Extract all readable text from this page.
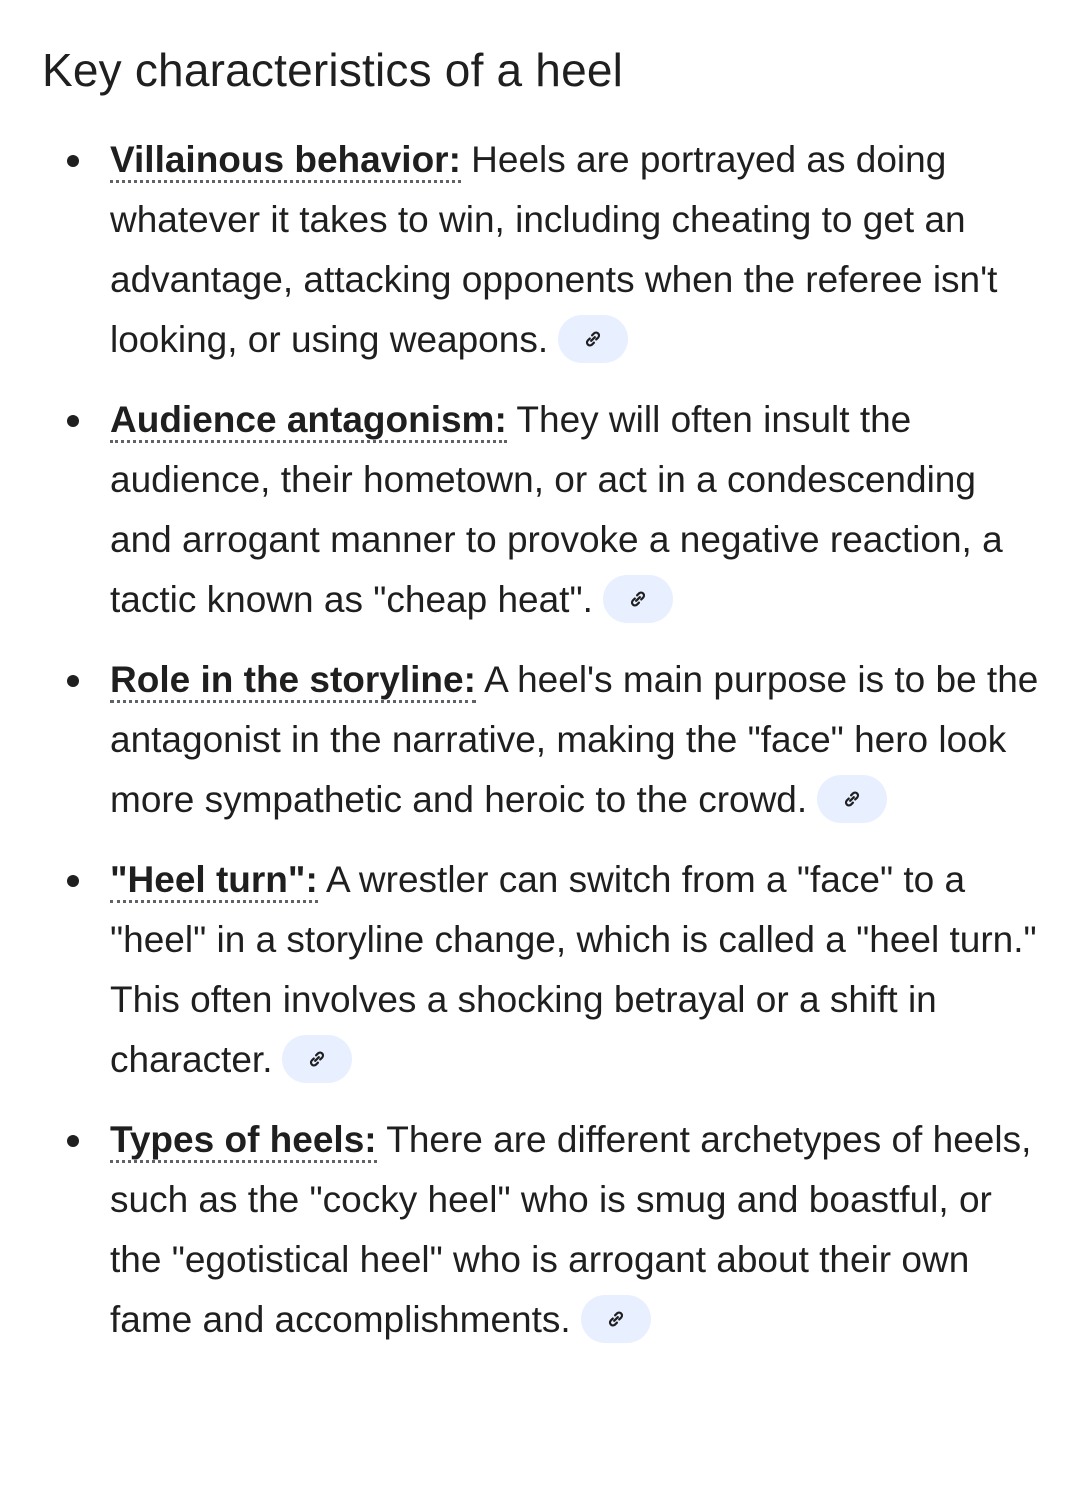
Key characteristics of a heel
Villainous behavior: Heels are portrayed as doing whatever it takes to win, including cheating to get an advantage, attacking opponents when the referee isn't looking, or using weapons.
Audience antagonism: They will often insult the audience, their hometown, or act in a condescending and arrogant manner to provoke a negative reaction, a tactic known as "cheap heat".
Role in the storyline: A heel's main purpose is to be the antagonist in the narrative, making the "face" hero look more sympathetic and heroic to the crowd.
"Heel turn": A wrestler can switch from a "face" to a "heel" in a storyline change, which is called a "heel turn." This often involves a shocking betrayal or a shift in character.
Types of heels: There are different archetypes of heels, such as the "cocky heel" who is smug and boastful, or the "egotistical heel" who is arrogant about their own fame and accomplishments.
